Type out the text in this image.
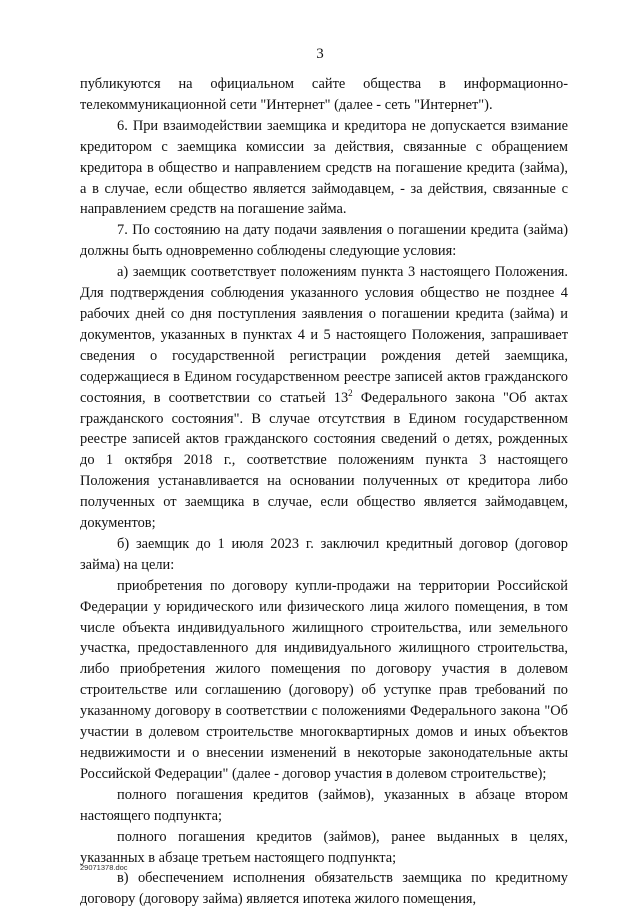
3

публикуются на официальном сайте общества в информационно-телекоммуникационной сети "Интернет" (далее - сеть "Интернет").

6. При взаимодействии заемщика и кредитора не допускается взимание кредитором с заемщика комиссии за действия, связанные с обращением кредитора в общество и направлением средств на погашение кредита (займа), а в случае, если общество является займодавцем, - за действия, связанные с направлением средств на погашение займа.

7. По состоянию на дату подачи заявления о погашении кредита (займа) должны быть одновременно соблюдены следующие условия:

а) заемщик соответствует положениям пункта 3 настоящего Положения. Для подтверждения соблюдения указанного условия общество не позднее 4 рабочих дней со дня поступления заявления о погашении кредита (займа) и документов, указанных в пунктах 4 и 5 настоящего Положения, запрашивает сведения о государственной регистрации рождения детей заемщика, содержащиеся в Едином государственном реестре записей актов гражданского состояния, в соответствии со статьей $13^2$ Федерального закона "Об актах гражданского состояния". В случае отсутствия в Едином государственном реестре записей актов гражданского состояния сведений о детях, рожденных до 1 октября 2018 г., соответствие положениям пункта 3 настоящего Положения устанавливается на основании полученных от кредитора либо полученных от заемщика в случае, если общество является займодавцем, документов;

б) заемщик до 1 июля 2023 г. заключил кредитный договор (договор займа) на цели:

приобретения по договору купли-продажи на территории Российской Федерации у юридического или физического лица жилого помещения, в том числе объекта индивидуального жилищного строительства, или земельного участка, предоставленного для индивидуального жилищного строительства, либо приобретения жилого помещения по договору участия в долевом строительстве или соглашению (договору) об уступке прав требований по указанному договору в соответствии с положениями Федерального закона "Об участии в долевом строительстве многоквартирных домов и иных объектов недвижимости и о внесении изменений в некоторые законодательные акты Российской Федерации" (далее - договор участия в долевом строительстве);

полного погашения кредитов (займов), указанных в абзаце втором настоящего подпункта;

полного погашения кредитов (займов), ранее выданных в целях, указанных в абзаце третьем настоящего подпункта;

в) обеспечением исполнения обязательств заемщика по кредитному договору (договору займа) является ипотека жилого помещения,

29071378.doc
